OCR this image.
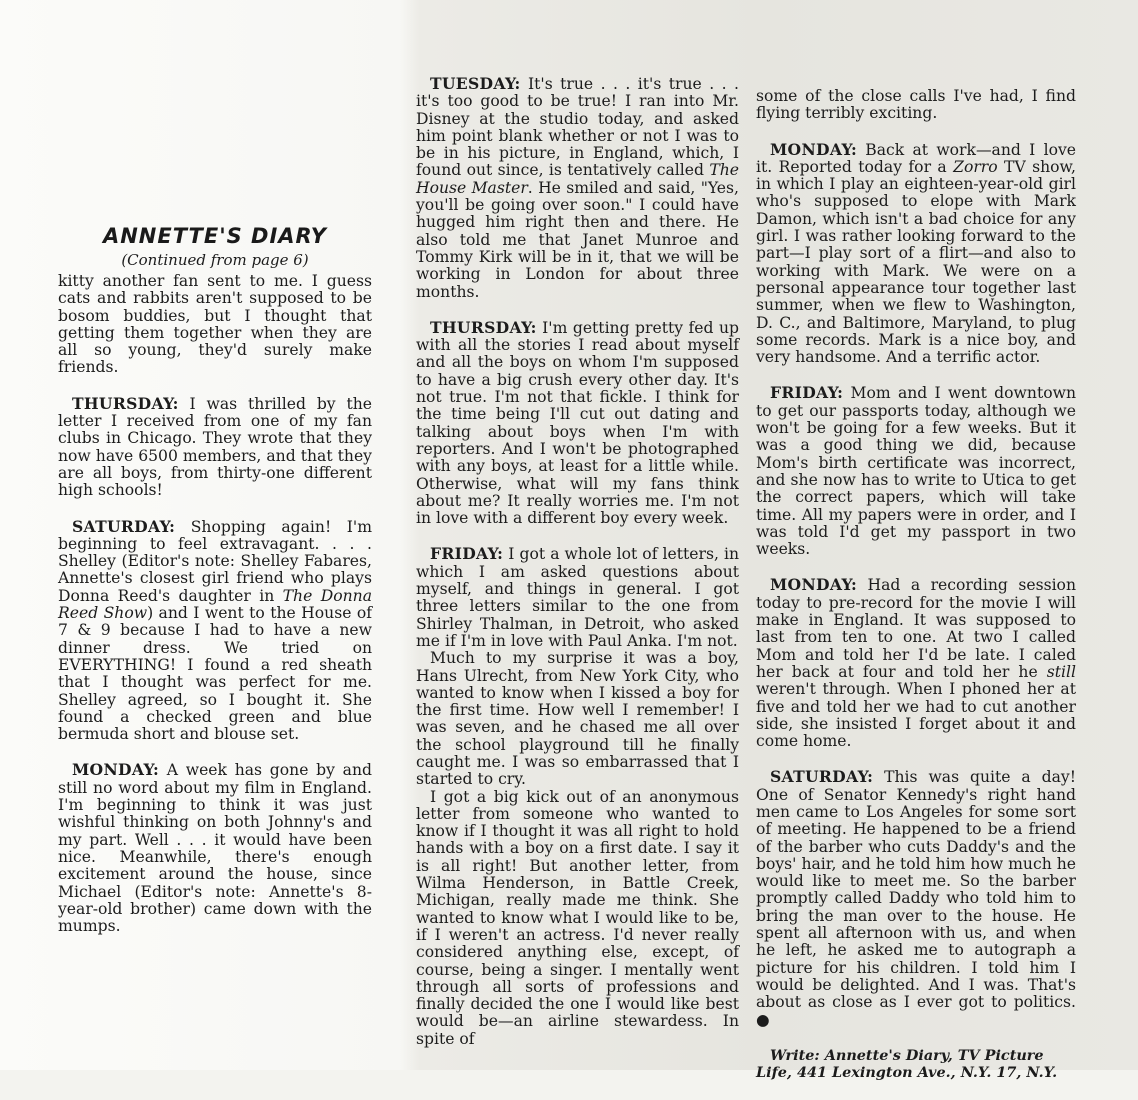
ANNETTE'S DIARY
(Continued from page 6)

kitty another fan sent to me. I guess cats and rabbits aren't supposed to be bosom buddies, but I thought that getting them together when they are all so young, they'd surely make friends.

THURSDAY: I was thrilled by the letter I received from one of my fan clubs in Chicago. They wrote that they now have 6500 members, and that they are all boys, from thirty-one different high schools!

SATURDAY: Shopping again! I'm beginning to feel extravagant. . . . Shelley (Editor's note: Shelley Fabares, Annette's closest girl friend who plays Donna Reed's daughter in The Donna Reed Show) and I went to the House of 7 & 9 because I had to have a new dinner dress. We tried on EVERYTHING! I found a red sheath that I thought was perfect for me. Shelley agreed, so I bought it. She found a checked green and blue bermuda short and blouse set.

MONDAY: A week has gone by and still no word about my film in England. I'm beginning to think it was just wishful thinking on both Johnny's and my part. Well . . . it would have been nice. Meanwhile, there's enough excitement around the house, since Michael (Editor's note: Annette's 8-year-old brother) came down with the mumps.

TUESDAY: It's true . . . it's true . . . it's too good to be true! I ran into Mr. Disney at the studio today, and asked him point blank whether or not I was to be in his picture, in England, which, I found out since, is tentatively called The House Master. He smiled and said, "Yes, you'll be going over soon." I could have hugged him right then and there. He also told me that Janet Munroe and Tommy Kirk will be in it, that we will be working in London for about three months.

THURSDAY: I'm getting pretty fed up with all the stories I read about myself and all the boys on whom I'm supposed to have a big crush every other day. It's not true. I'm not that fickle. I think for the time being I'll cut out dating and talking about boys when I'm with reporters. And I won't be photographed with any boys, at least for a little while. Otherwise, what will my fans think about me? It really worries me. I'm not in love with a different boy every week.

FRIDAY: I got a whole lot of letters, in which I am asked questions about myself, and things in general. I got three letters similar to the one from Shirley Thalman, in Detroit, who asked me if I'm in love with Paul Anka. I'm not.

Much to my surprise it was a boy, Hans Ulrecht, from New York City, who wanted to know when I kissed a boy for the first time. How well I remember! I was seven, and he chased me all over the school playground till he finally caught me. I was so embarrassed that I started to cry.

I got a big kick out of an anonymous letter from someone who wanted to know if I thought it was all right to hold hands with a boy on a first date. I say it is all right! But another letter, from Wilma Henderson, in Battle Creek, Michigan, really made me think. She wanted to know what I would like to be, if I weren't an actress. I'd never really considered anything else, except, of course, being a singer. I mentally went through all sorts of professions and finally decided the one I would like best would be—an airline stewardess. In spite of

some of the close calls I've had, I find flying terribly exciting.

MONDAY: Back at work—and I love it. Reported today for a Zorro TV show, in which I play an eighteen-year-old girl who's supposed to elope with Mark Damon, which isn't a bad choice for any girl. I was rather looking forward to the part—I play sort of a flirt—and also to working with Mark. We were on a personal appearance tour together last summer, when we flew to Washington, D. C., and Baltimore, Maryland, to plug some records. Mark is a nice boy, and very handsome. And a terrific actor.

FRIDAY: Mom and I went downtown to get our passports today, although we won't be going for a few weeks. But it was a good thing we did, because Mom's birth certificate was incorrect, and she now has to write to Utica to get the correct papers, which will take time. All my papers were in order, and I was told I'd get my passport in two weeks.

MONDAY: Had a recording session today to pre-record for the movie I will make in England. It was supposed to last from ten to one. At two I called Mom and told her I'd be late. I caled her back at four and told her he still weren't through. When I phoned her at five and told her we had to cut another side, she insisted I forget about it and come home.

SATURDAY: This was quite a day! One of Senator Kennedy's right hand men came to Los Angeles for some sort of meeting. He happened to be a friend of the barber who cuts Daddy's and the boys' hair, and he told him how much he would like to meet me. So the barber promptly called Daddy who told him to bring the man over to the house. He spent all afternoon with us, and when he left, he asked me to autograph a picture for his children. I told him I would be delighted. And I was. That's about as close as I ever got to politics. ●

Write: Annette's Diary, TV Picture Life, 441 Lexington Ave., N.Y. 17, N.Y.
